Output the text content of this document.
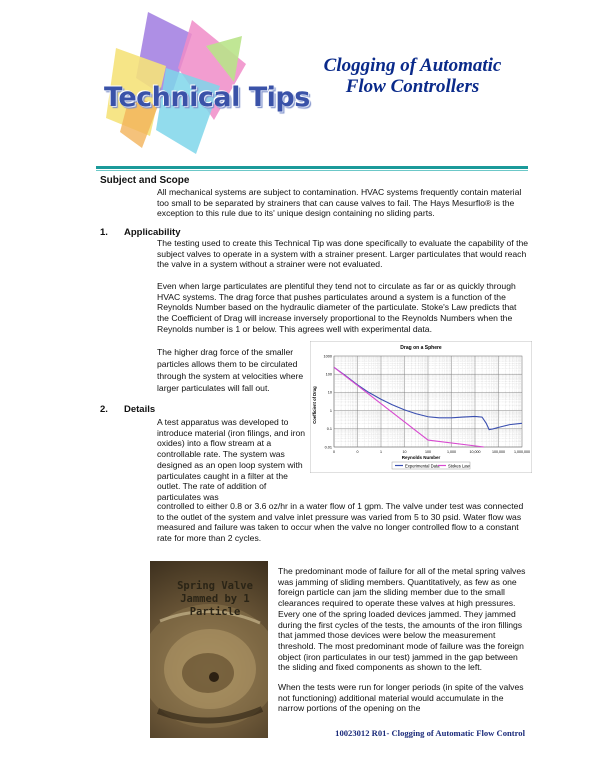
Technical Tips
Clogging of Automatic
Flow Controllers
Subject and Scope
All mechanical systems are subject to contamination. HVAC systems frequently contain material too small to be separated by strainers that can cause valves to fail. The Hays Mesurflo® is the exception to this rule due to its' unique design containing no sliding parts.
1. Applicability
The testing used to create this Technical Tip was done specifically to evaluate the capability of the subject valves to operate in a system with a strainer present. Larger particulates that would reach the valve in a system without a strainer were not evaluated.
Even when large particulates are plentiful they tend not to circulate as far or as quickly through HVAC systems. The drag force that pushes particulates around a system is a function of the Reynolds Number based on the hydraulic diameter of the particulate. Stoke's Law predicts that the Coefficient of Drag will increase inversely proportional to the Reynolds Numbers when the Reynolds number is 1 or below. This agrees well with experimental data.
The higher drag force of the smaller particles allows them to be circulated through the system at velocities where larger particulates will fall out.
Drag on a Sphere
0	0	1	10	100	1,000	10,000	100,000	1,000,000
1000
100
10
1
0.1
0.01
Reynolds Number
Coefficient of Drag
Experimental Data Stokes Law
2. Details
A test apparatus was developed to introduce material (iron filings, and iron oxides) into a flow stream at a controllable rate. The system was designed as an open loop system with particulates caught in a filter at the outlet. The rate of addition of particulates was
controlled to either 0.8 or 3.6 oz/hr in a water flow of 1 gpm. The valve under test was connected to the outlet of the system and valve inlet pressure was varied from 5 to 30 psid. Water flow was measured and failure was taken to occur when the valve no longer controlled flow to a constant rate for more than 2 cycles.
Spring Valve
Jammed by 1
Particle
The predominant mode of failure for all of the metal spring valves was jamming of sliding members. Quantitatively, as few as one foreign particle can jam the sliding member due to the small clearances required to operate these valves at high pressures. Every one of the spring loaded devices jammed. They jammed during the first cycles of the tests, the amounts of the iron fillings that jammed those devices were below the measurement threshold. The most predominant mode of failure was the foreign object (iron particulates in our test) jammed in the gap between the sliding and fixed components as shown to the left.
When the tests were run for longer periods (in spite of the valves not functioning) additional material would accumulate in the narrow portions of the opening on the
10023012 R01- Clogging of Automatic Flow Control
